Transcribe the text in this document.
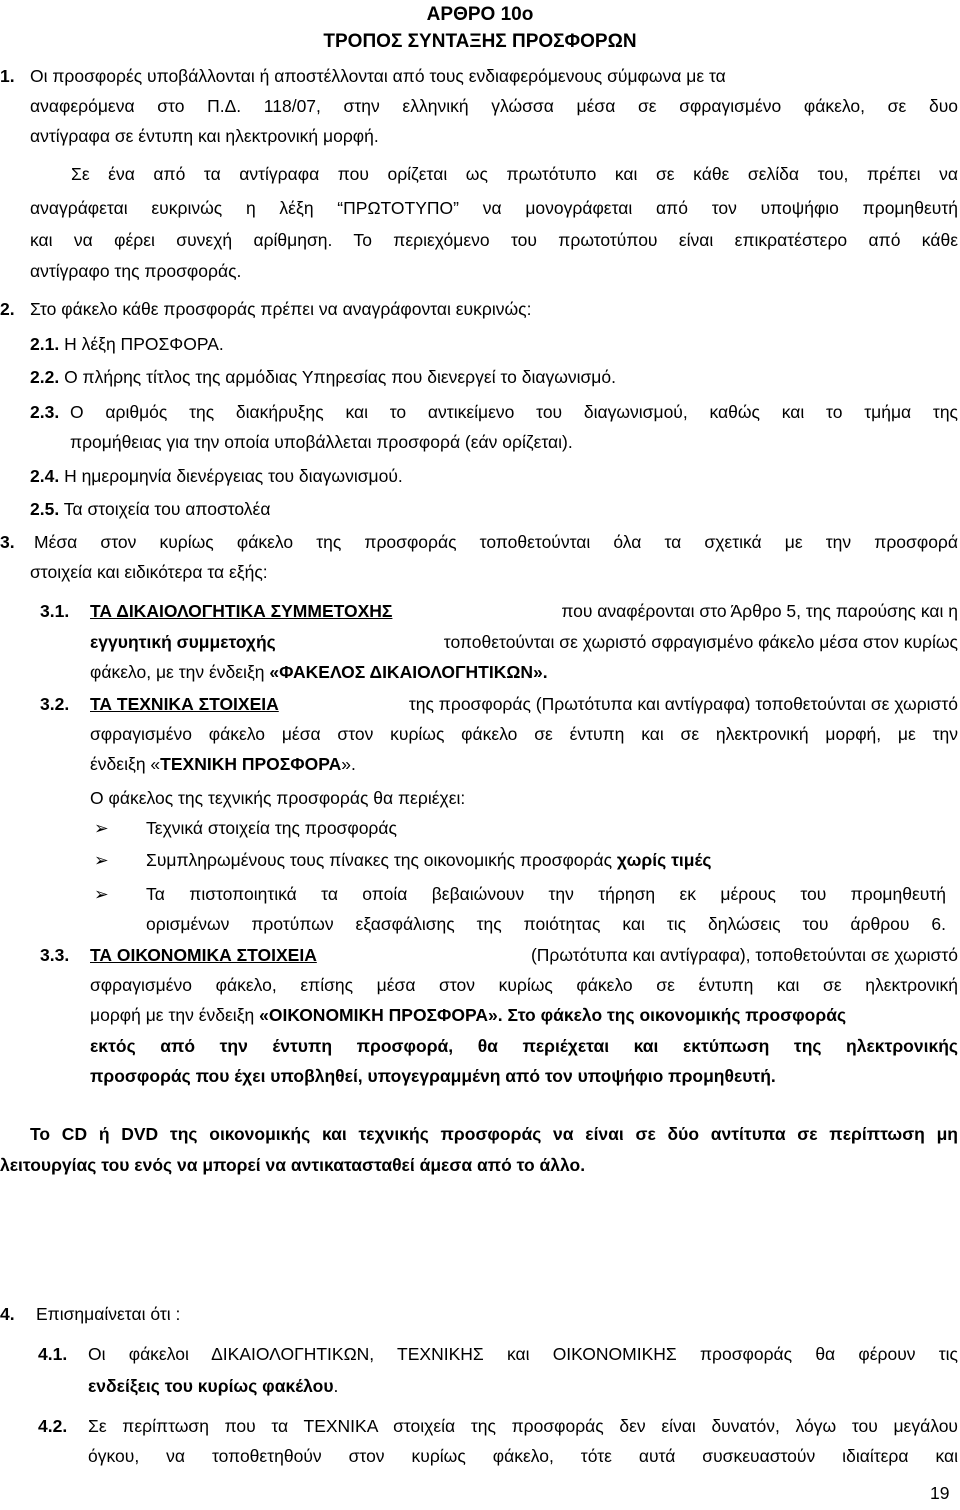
ΑΡΘΡΟ 10ο
ΤΡΟΠΟΣ ΣΥΝΤΑΞΗΣ ΠΡΟΣΦΟΡΩΝ
1. Οι προσφορές υποβάλλονται ή αποστέλλονται από τους ενδιαφερόμενους σύμφωνα με τα
αναφερόμενα στο Π.Δ. 118/07, στην ελληνική γλώσσα μέσα σε σφραγισμένο φάκελο, σε δυο
αντίγραφα σε έντυπη και ηλεκτρονική μορφή.
Σε ένα από τα αντίγραφα που ορίζεται ως πρωτότυπο και σε κάθε σελίδα του, πρέπει να
αναγράφεται ευκρινώς η λέξη “ΠΡΩΤΟΤΥΠΟ” να μονογράφεται από τον υποψήφιο προμηθευτή
και να φέρει συνεχή αρίθμηση. Το περιεχόμενο του πρωτοτύπου είναι επικρατέστερο από κάθε
αντίγραφο της προσφοράς.
2. Στο φάκελο κάθε προσφοράς πρέπει να αναγράφονται ευκρινώς:
2.1. Η λέξη ΠΡΟΣΦΟΡΑ.
2.2. Ο πλήρης τίτλος της αρμόδιας Υπηρεσίας που διενεργεί το διαγωνισμό.
2.3. Ο αριθμός της διακήρυξης και το αντικείμενο του διαγωνισμού, καθώς και το τμήμα της
προμήθειας για την οποία υποβάλλεται προσφορά (εάν ορίζεται).
2.4. Η ημερομηνία διενέργειας του διαγωνισμού.
2.5. Τα στοιχεία του αποστολέα
3. Μέσα στον κυρίως φάκελο της προσφοράς τοποθετούνται όλα τα σχετικά με την προσφορά
στοιχεία και ειδικότερα τα εξής:
3.1. ΤΑ ΔΙΚΑΙΟΛΟΓΗΤΙΚΑ ΣΥΜΜΕΤΟΧΗΣ	που αναφέρονται στο Άρθρο 5, της παρούσης και η
εγγυητική συμμετοχής	τοποθετούνται σε χωριστό σφραγισμένο φάκελο μέσα στον κυρίως
φάκελο, με την ένδειξη «ΦΑΚΕΛΟΣ ΔΙΚΑΙΟΛΟΓΗΤΙΚΩΝ».
3.2. ΤΑ ΤΕΧΝΙΚΑ ΣΤΟΙΧΕΙΑ	της προσφοράς (Πρωτότυπα και αντίγραφα) τοποθετούνται σε χωριστό
σφραγισμένο φάκελο μέσα στον κυρίως φάκελο σε έντυπη και σε ηλεκτρονική μορφή, με την
ένδειξη «ΤΕΧΝΙΚΗ ΠΡΟΣΦΟΡΑ».
Ο φάκελος της τεχνικής προσφοράς θα περιέχει:
➢ Τεχνικά στοιχεία της προσφοράς
➢ Συμπληρωμένους τους πίνακες της οικονομικής προσφοράς χωρίς τιμές
➢ Τα πιστοποιητικά τα οποία βεβαιώνουν την τήρηση εκ μέρους του προμηθευτή
ορισμένων προτύπων εξασφάλισης της ποιότητας και τις δηλώσεις του άρθρου 6.
3.3. ΤΑ ΟΙΚΟΝΟΜΙΚΑ ΣΤΟΙΧΕΙΑ	(Πρωτότυπα και αντίγραφα), τοποθετούνται σε χωριστό
σφραγισμένο φάκελο, επίσης μέσα στον κυρίως φάκελο σε έντυπη και σε ηλεκτρονική
μορφή με την ένδειξη «ΟΙΚΟΝΟΜΙΚΗ ΠΡΟΣΦΟΡΑ». Στο φάκελο της οικονομικής προσφοράς
εκτός από την έντυπη προσφορά, θα περιέχεται και εκτύπωση της ηλεκτρονικής
προσφοράς που έχει υποβληθεί, υπογεγραμμένη από τον υποψήφιο προμηθευτή.
Το CD ή DVD της οικονομικής και τεχνικής προσφοράς να είναι σε δύο αντίτυπα σε περίπτωση μη
λειτουργίας του ενός να μπορεί να αντικατασταθεί άμεσα από το άλλο.
4. Επισημαίνεται ότι :
4.1. Οι φάκελοι ΔΙΚΑΙΟΛΟΓΗΤΙΚΩΝ, ΤΕΧΝΙΚΗΣ και ΟΙΚΟΝΟΜΙΚΗΣ προσφοράς θα φέρουν τις
ενδείξεις του κυρίως φακέλου.
4.2. Σε περίπτωση που τα ΤΕΧΝΙΚΑ στοιχεία της προσφοράς δεν είναι δυνατόν, λόγω του μεγάλου
όγκου, να τοποθετηθούν στον κυρίως φάκελο, τότε αυτά συσκευαστούν ιδιαίτερα και
19
